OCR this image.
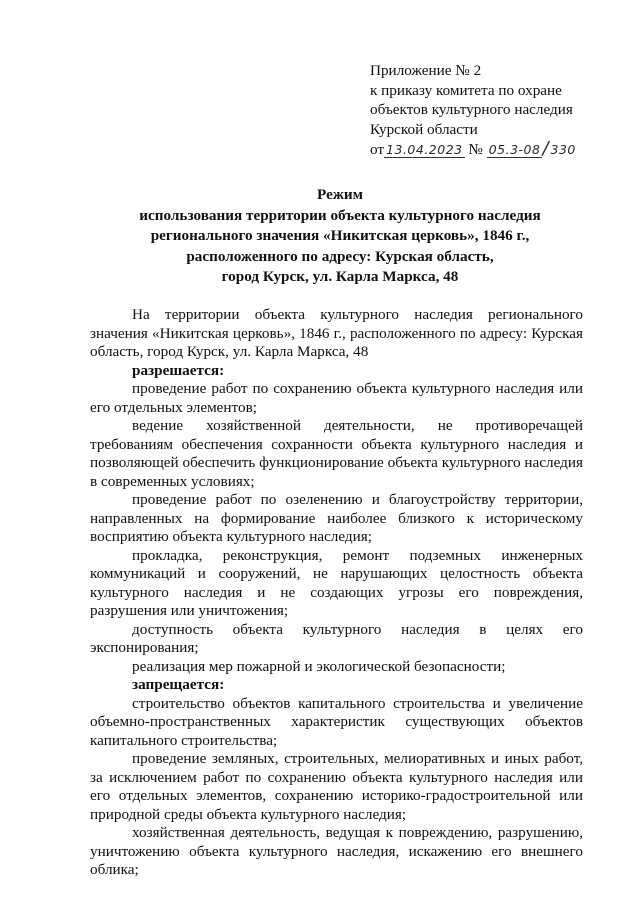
Приложение № 2
к приказу комитета по охране
объектов культурного наследия
Курской области
от 13.04.2023 № 05.3-08 / 330
Режим
использования территории объекта культурного наследия
регионального значения «Никитская церковь», 1846 г.,
расположенного по адресу: Курская область,
город Курск, ул. Карла Маркса, 48

На территории объекта культурного наследия регионального значения «Никитская церковь», 1846 г., расположенного по адресу: Курская область, город Курск, ул. Карла Маркса, 48

разрешается:

проведение работ по сохранению объекта культурного наследия или его отдельных элементов;

ведение хозяйственной деятельности, не противоречащей требованиям обеспечения сохранности объекта культурного наследия и позволяющей обеспечить функционирование объекта культурного наследия в современных условиях;

проведение работ по озеленению и благоустройству территории, направленных на формирование наиболее близкого к историческому восприятию объекта культурного наследия;

прокладка, реконструкция, ремонт подземных инженерных коммуникаций и сооружений, не нарушающих целостность объекта культурного наследия и не создающих угрозы его повреждения, разрушения или уничтожения;

доступность объекта культурного наследия в целях его экспонирования;

реализация мер пожарной и экологической безопасности;

запрещается:

строительство объектов капитального строительства и увеличение объемно-пространственных характеристик существующих объектов капитального строительства;

проведение земляных, строительных, мелиоративных и иных работ, за исключением работ по сохранению объекта культурного наследия или его отдельных элементов, сохранению историко-градостроительной или природной среды объекта культурного наследия;

хозяйственная деятельность, ведущая к повреждению, разрушению, уничтожению объекта культурного наследия, искажению его внешнего облика;
